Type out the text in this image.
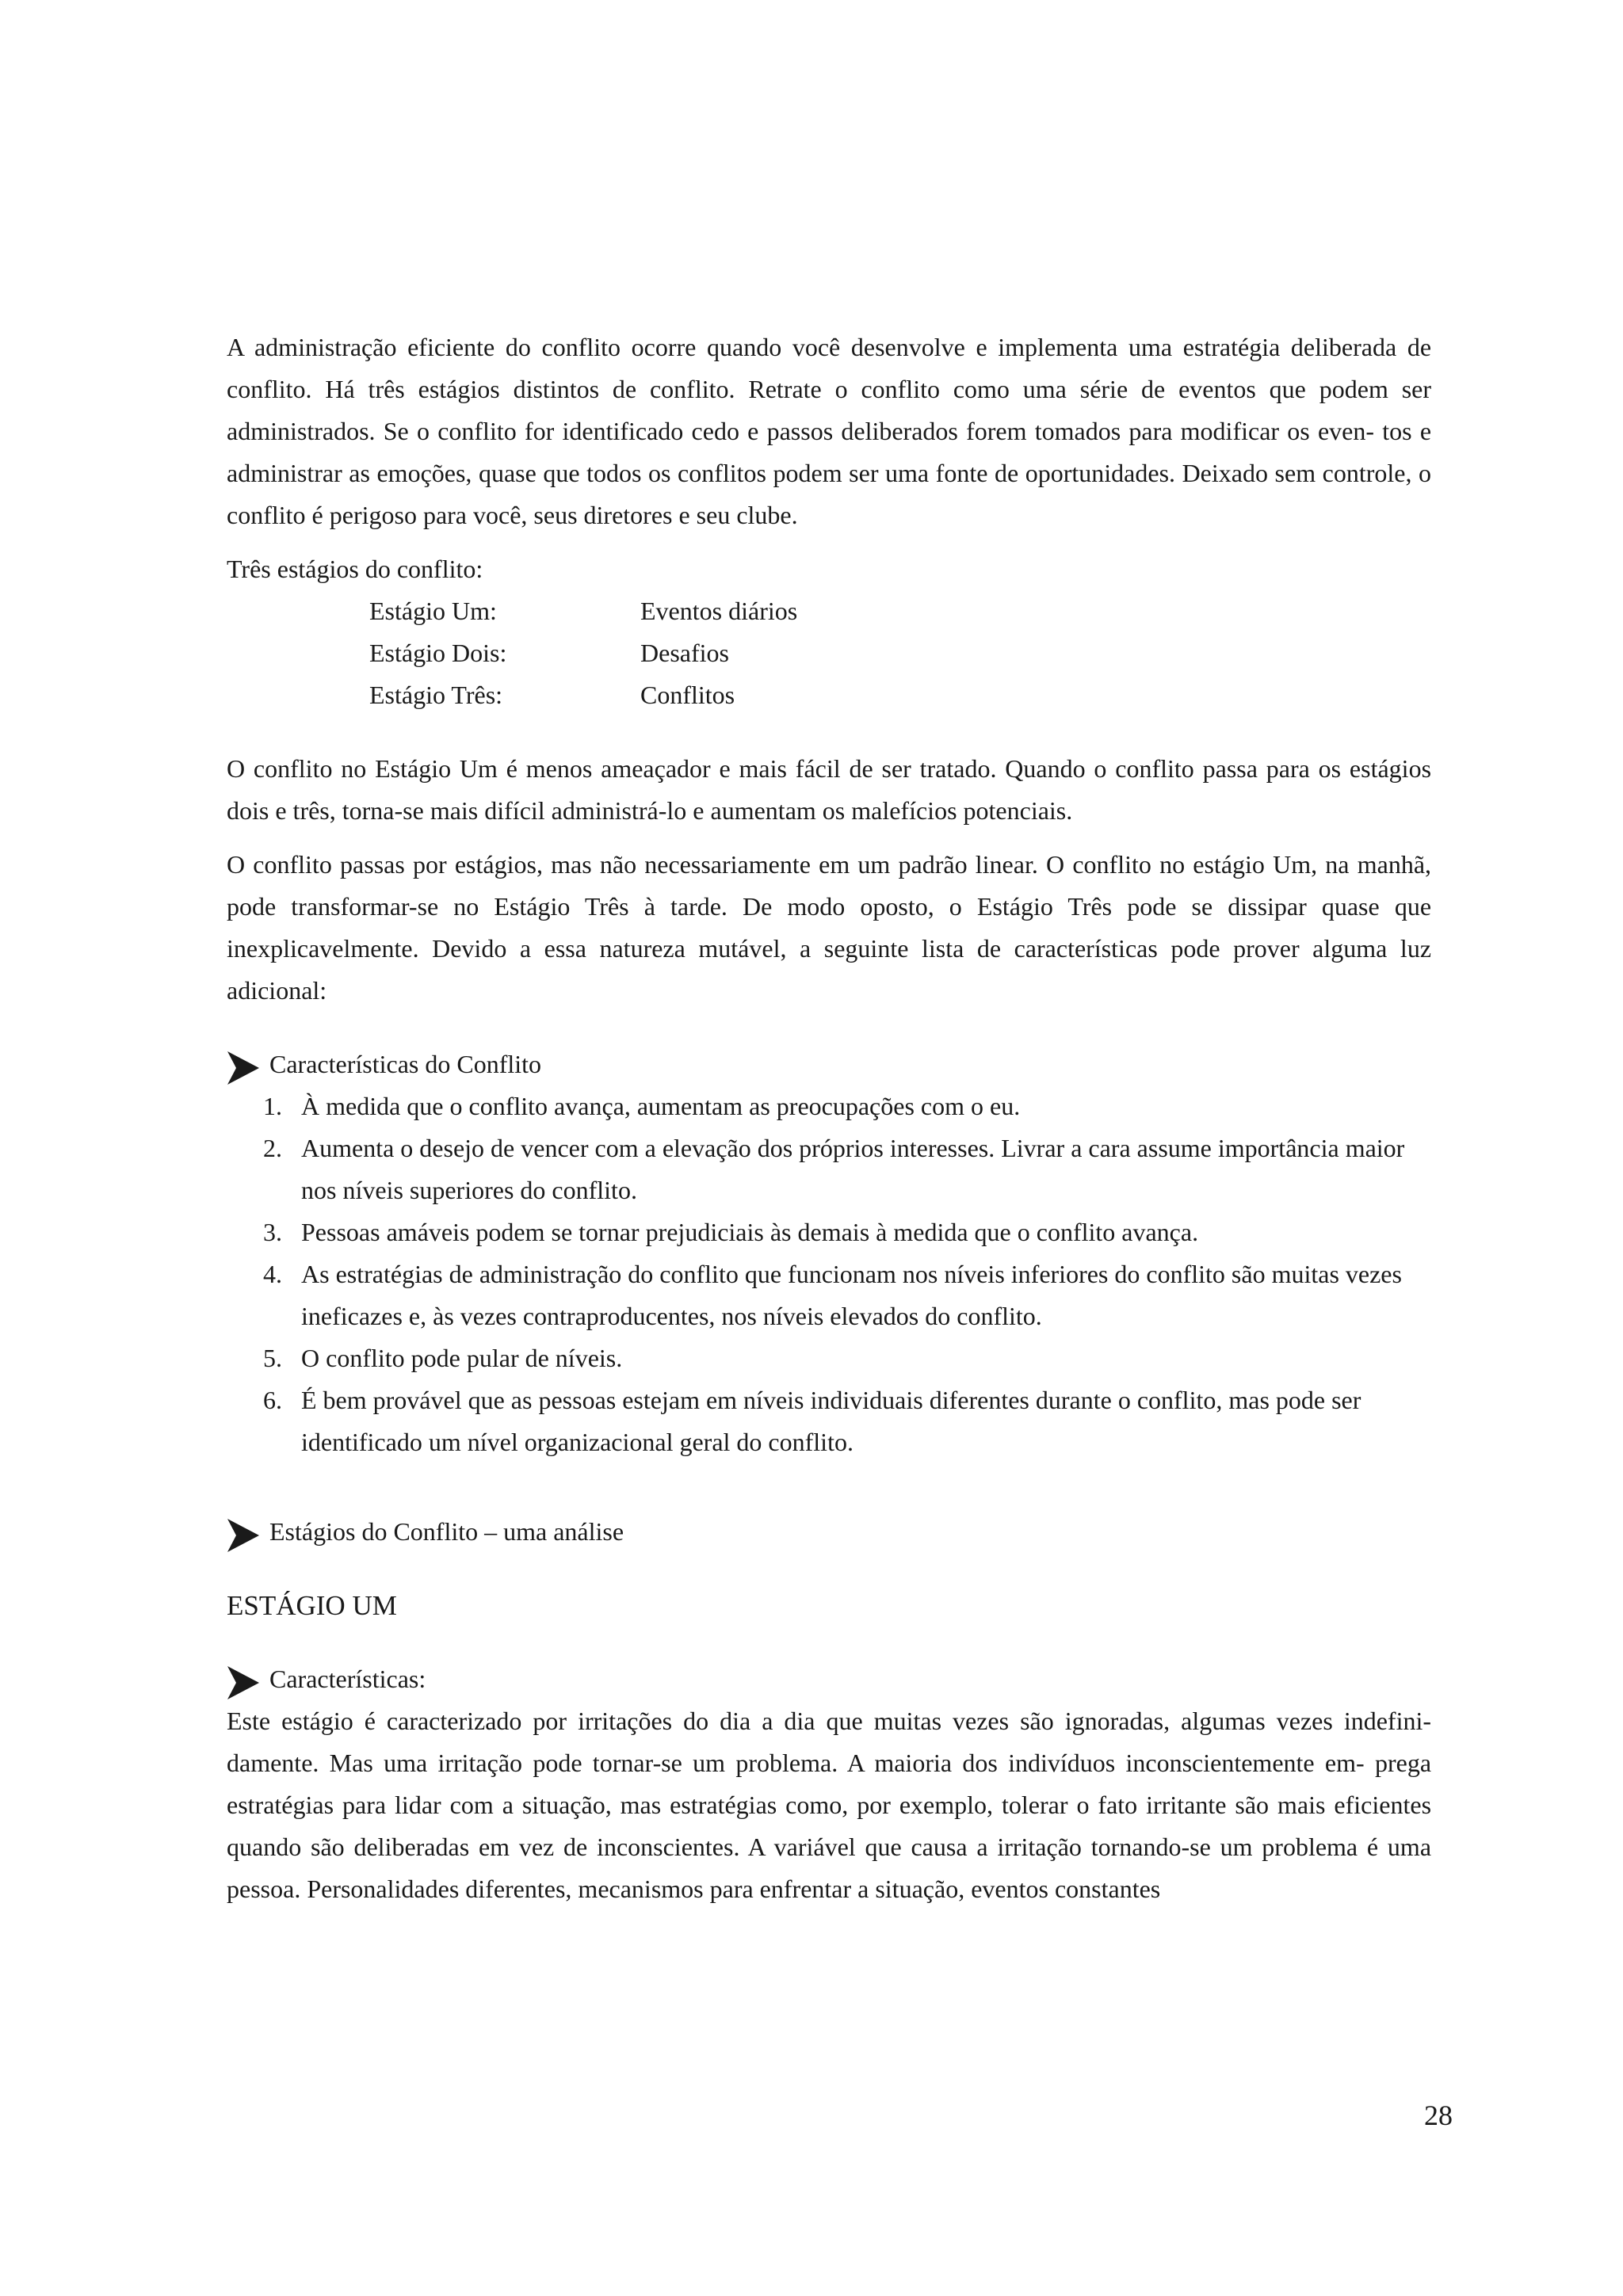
A administração eficiente do conflito ocorre quando você desenvolve e implementa uma estratégia deliberada de conflito. Há três estágios distintos de conflito. Retrate o conflito como uma série de eventos que podem ser administrados. Se o conflito for identificado cedo e passos deliberados forem tomados para modificar os even- tos e administrar as emoções, quase que todos os conflitos podem ser uma fonte de oportunidades. Deixado sem controle, o conflito é perigoso para você, seus diretores e seu clube.

Três estágios do conflito:

Estágio Um:	Eventos diários
Estágio Dois:	Desafios
Estágio Três:	Conflitos

O conflito no Estágio Um é menos ameaçador e mais fácil de ser tratado. Quando o conflito passa para os estágios dois e três, torna-se mais difícil administrá-lo e aumentam os malefícios potenciais.

O conflito passas por estágios, mas não necessariamente em um padrão linear. O conflito no estágio Um, na manhã, pode transformar-se no Estágio Três à tarde. De modo oposto, o Estágio Três pode se dissipar quase que inexplicavelmente. Devido a essa natureza mutável, a seguinte lista de características pode prover alguma luz adicional:

Características do Conflito
1. À medida que o conflito avança, aumentam as preocupações com o eu.
2. Aumenta o desejo de vencer com a elevação dos próprios interesses. Livrar a cara assume importância maior nos níveis superiores do conflito.
3. Pessoas amáveis podem se tornar prejudiciais às demais à medida que o conflito avança.
4. As estratégias de administração do conflito que funcionam nos níveis inferiores do conflito são muitas vezes ineficazes e, às vezes contraproducentes, nos níveis elevados do conflito.
5. O conflito pode pular de níveis.
6. É bem provável que as pessoas estejam em níveis individuais diferentes durante o conflito, mas pode ser identificado um nível organizacional geral do conflito.
Estágios do Conflito – uma análise

ESTÁGIO UM

Características:

Este estágio é caracterizado por irritações do dia a dia que muitas vezes são ignoradas, algumas vezes indefini- damente. Mas uma irritação pode tornar-se um problema. A maioria dos indivíduos inconscientemente em- prega estratégias para lidar com a situação, mas estratégias como, por exemplo, tolerar o fato irritante são mais eficientes quando são deliberadas em vez de inconscientes. A variável que causa a irritação tornando-se um problema é uma pessoa. Personalidades diferentes, mecanismos para enfrentar a situação, eventos constantes

28
